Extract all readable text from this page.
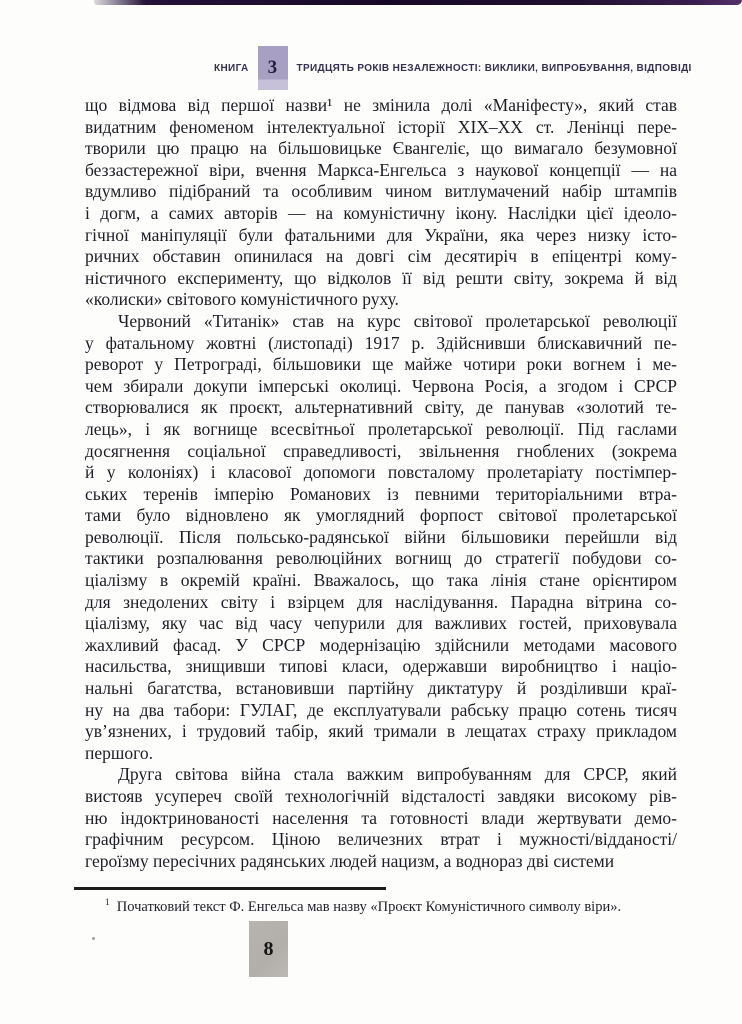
КНИГА 3 ТРИДЦЯТЬ РОКІВ НЕЗАЛЕЖНОСТІ: ВИКЛИКИ, ВИПРОБУВАННЯ, ВІДПОВІДІ
що відмова від першої назви¹ не змінила долі «Маніфесту», який став
видатним феноменом інтелектуальної історії XIX–XX ст. Ленінці пере-
творили цю працю на більшовицьке Євангеліє, що вимагало безумовної
беззастережної віри, вчення Маркса-Енгельса з наукової концепції — на
вдумливо підібраний та особливим чином витлумачений набір штампів
і догм, а самих авторів — на комуністичну ікону. Наслідки цієї ідеоло-
гічної маніпуляції були фатальними для України, яка через низку істо-
ричних обставин опинилася на довгі сім десятиріч в епіцентрі кому-
ністичного експерименту, що відколов її від решти світу, зокрема й від
«колиски» світового комуністичного руху.
Червоний «Титанік» став на курс світової пролетарської революції
у фатальному жовтні (листопаді) 1917 р. Здійснивши блискавичний пе-
реворот у Петрограді, більшовики ще майже чотири роки вогнем і ме-
чем збирали докупи імперські околиці. Червона Росія, а згодом і СРСР
створювалися як проєкт, альтернативний світу, де панував «золотий те-
лець», і як вогнище всесвітньої пролетарської революції. Під гаслами
досягнення соціальної справедливості, звільнення гноблених (зокрема
й у колоніях) і класової допомоги повсталому пролетаріату постімпер-
ських теренів імперію Романових із певними територіальними втра-
тами було відновлено як умоглядний форпост світової пролетарської
революції. Після польсько-радянської війни більшовики перейшли від
тактики розпалювання революційних вогнищ до стратегії побудови со-
ціалізму в окремій країні. Вважалось, що така лінія стане орієнтиром
для знедолених світу і взірцем для наслідування. Парадна вітрина со-
ціалізму, яку час від часу чепурили для важливих гостей, приховувала
жахливий фасад. У СРСР модернізацію здійснили методами масового
насильства, знищивши типові класи, одержавши виробництво і націо-
нальні багатства, встановивши партійну диктатуру й розділивши краї-
ну на два табори: ГУЛАГ, де експлуатували рабську працю сотень тисяч
ув’язнених, і трудовий табір, який тримали в лещатах страху прикладом
першого.
Друга світова війна стала важким випробуванням для СРСР, який
вистояв усупереч своїй технологічній відсталості завдяки високому рів-
ню індоктринованості населення та готовності влади жертвувати демо-
графічним ресурсом. Ціною величезних втрат і мужності/відданості/
героїзму пересічних радянських людей нацизм, а воднораз дві системи
$^1$ Початковий текст Ф. Енгельса мав назву «Проєкт Комуністичного символу віри».
8
